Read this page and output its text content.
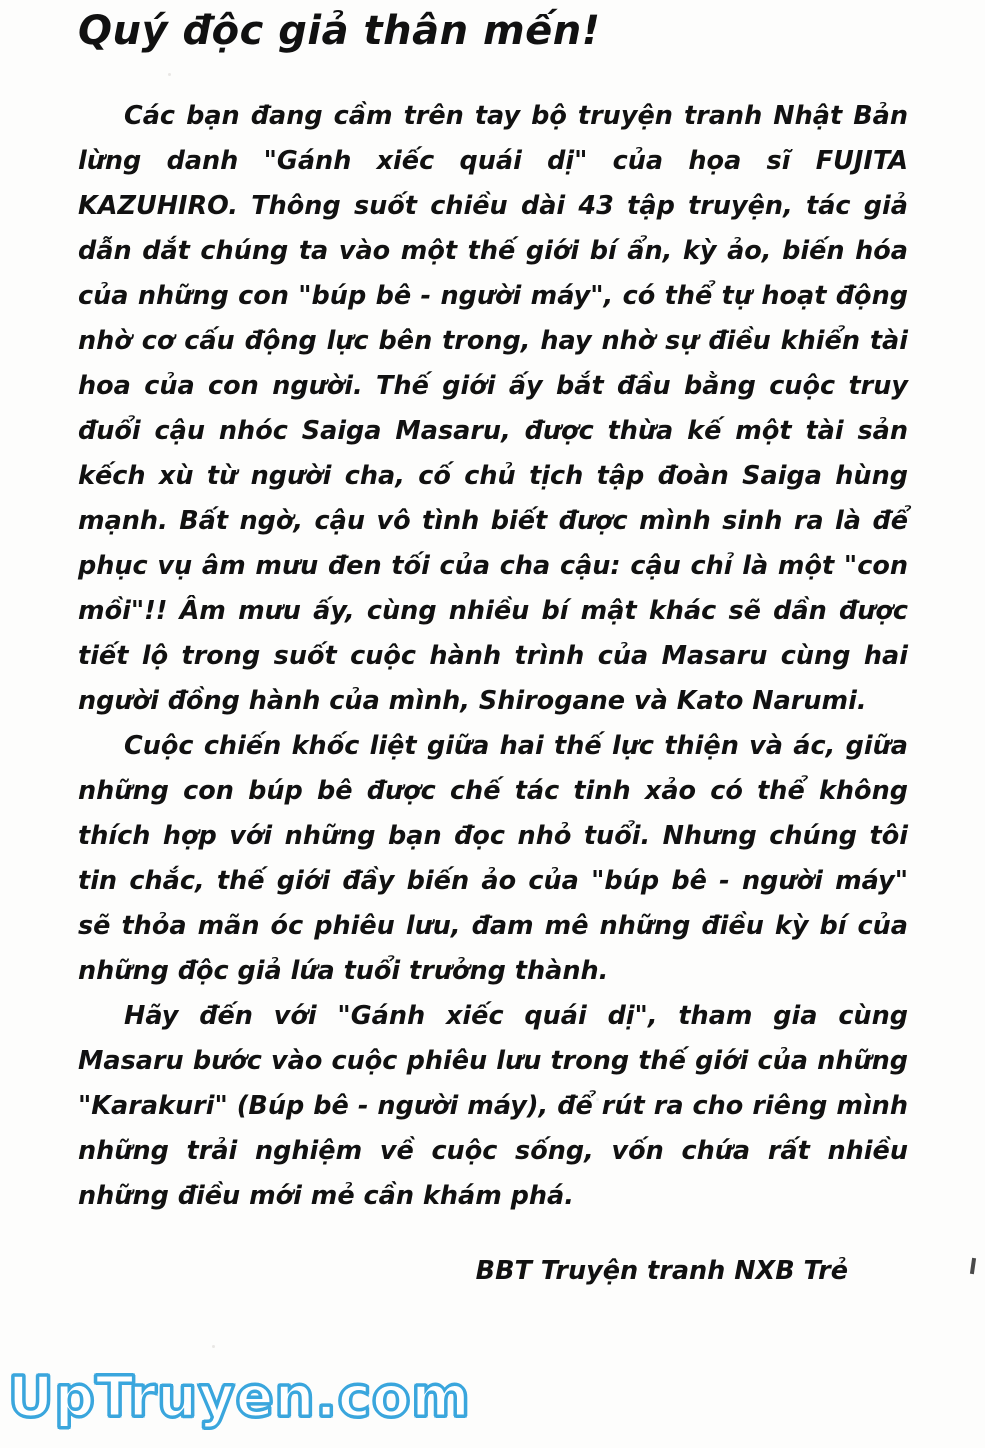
Quý độc giả thân mến!

Các bạn đang cầm trên tay bộ truyện tranh Nhật Bản lừng danh "Gánh xiếc quái dị" của họa sĩ FUJITA KAZUHIRO. Thông suốt chiều dài 43 tập truyện, tác giả dẫn dắt chúng ta vào một thế giới bí ẩn, kỳ ảo, biến hóa của những con "búp bê - người máy", có thể tự hoạt động nhờ cơ cấu động lực bên trong, hay nhờ sự điều khiển tài hoa của con người. Thế giới ấy bắt đầu bằng cuộc truy đuổi cậu nhóc Saiga Masaru, được thừa kế một tài sản kếch xù từ người cha, cố chủ tịch tập đoàn Saiga hùng mạnh. Bất ngờ, cậu vô tình biết được mình sinh ra là để phục vụ âm mưu đen tối của cha cậu: cậu chỉ là một "con mồi"!! Âm mưu ấy, cùng nhiều bí mật khác sẽ dần được tiết lộ trong suốt cuộc hành trình của Masaru cùng hai người đồng hành của mình, Shirogane và Kato Narumi.

Cuộc chiến khốc liệt giữa hai thế lực thiện và ác, giữa những con búp bê được chế tác tinh xảo có thể không thích hợp với những bạn đọc nhỏ tuổi. Nhưng chúng tôi tin chắc, thế giới đầy biến ảo của "búp bê - người máy" sẽ thỏa mãn óc phiêu lưu, đam mê những điều kỳ bí của những độc giả lứa tuổi trưởng thành.

Hãy đến với "Gánh xiếc quái dị", tham gia cùng Masaru bước vào cuộc phiêu lưu trong thế giới của những "Karakuri" (Búp bê - người máy), để rút ra cho riêng mình những trải nghiệm về cuộc sống, vốn chứa rất nhiều những điều mới mẻ cần khám phá.

BBT Truyện tranh NXB Trẻ

UpTruyen.com
